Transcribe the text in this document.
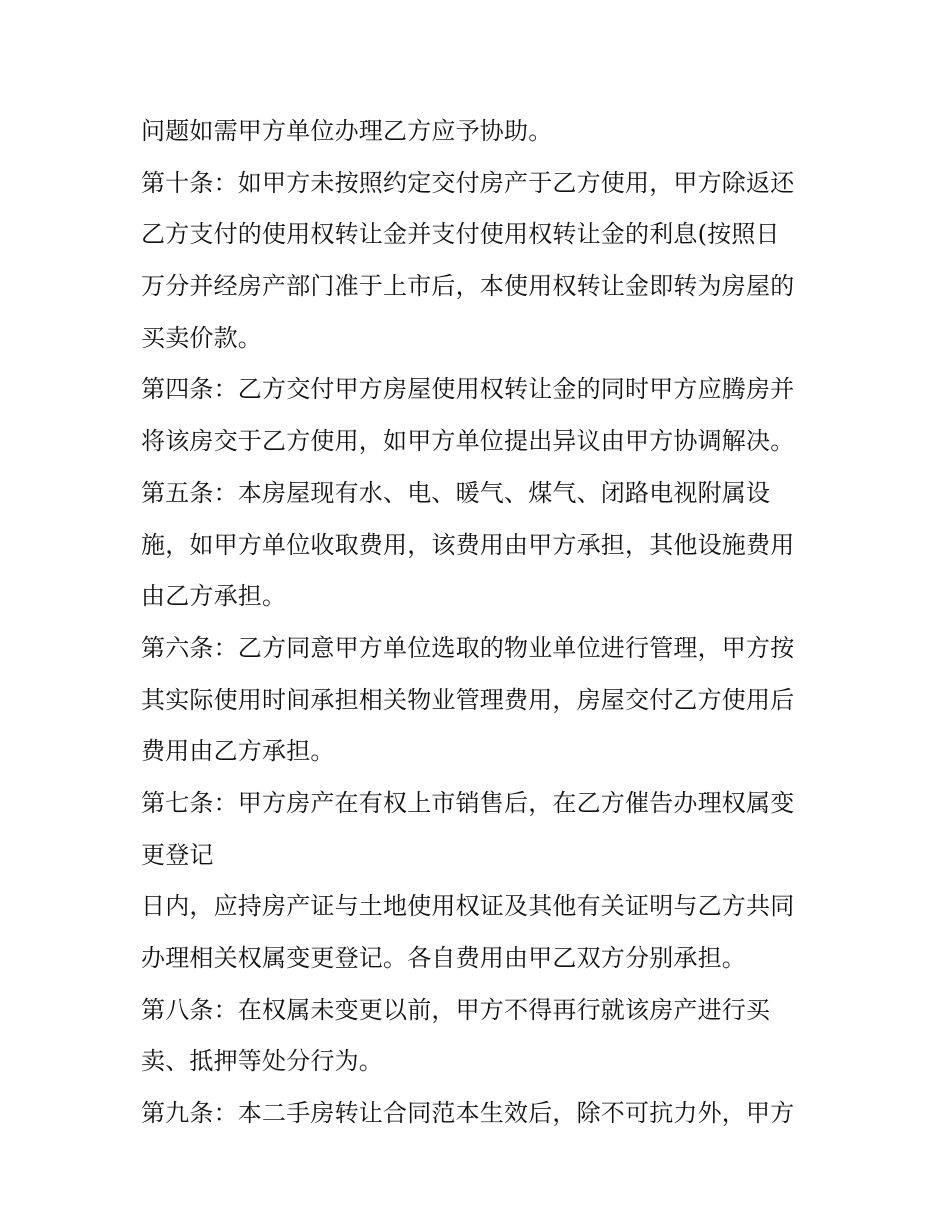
问题如需甲方单位办理乙方应予协助。
第十条：如甲方未按照约定交付房产于乙方使用，甲方除返还
乙方支付的使用权转让金并支付使用权转让金的利息(按照日
万分并经房产部门准于上市后，本使用权转让金即转为房屋的
买卖价款。
第四条：乙方交付甲方房屋使用权转让金的同时甲方应腾房并
将该房交于乙方使用，如甲方单位提出异议由甲方协调解决。
第五条：本房屋现有水、电、暖气、煤气、闭路电视附属设
施，如甲方单位收取费用，该费用由甲方承担，其他设施费用
由乙方承担。
第六条：乙方同意甲方单位选取的物业单位进行管理，甲方按
其实际使用时间承担相关物业管理费用，房屋交付乙方使用后
费用由乙方承担。
第七条：甲方房产在有权上市销售后，在乙方催告办理权属变
更登记
日内，应持房产证与土地使用权证及其他有关证明与乙方共同
办理相关权属变更登记。各自费用由甲乙双方分别承担。
第八条：在权属未变更以前，甲方不得再行就该房产进行买
卖、抵押等处分行为。
第九条：本二手房转让合同范本生效后，除不可抗力外，甲方
